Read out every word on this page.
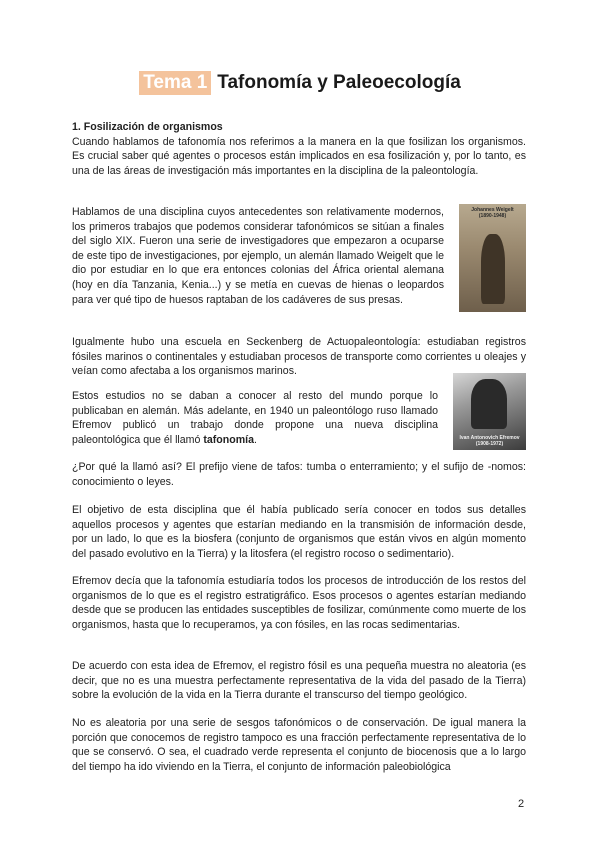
Tema 1 Tafonomía y Paleoecología

1. Fosilización de organismos

Cuando hablamos de tafonomía nos referimos a la manera en la que fosilizan los organismos. Es crucial saber qué agentes o procesos están implicados en esa fosilización y, por lo tanto, es una de las áreas de investigación más importantes en la disciplina de la paleontología.

Hablamos de una disciplina cuyos antecedentes son relativamente modernos, los primeros trabajos que podemos considerar tafonómicos se sitúan a finales del siglo XIX. Fueron una serie de investigadores que empezaron a ocuparse de este tipo de investigaciones, por ejemplo, un alemán llamado Weigelt que le dio por estudiar en lo que era entonces colonias del África oriental alemana (hoy en día Tanzania, Kenia...) y se metía en cuevas de hienas o leopardos para ver qué tipo de huesos raptaban de los cadáveres de sus presas.

Johannes Weigelt
(1890-1948)

Igualmente hubo una escuela en Seckenberg de Actuopaleontología: estudiaban registros fósiles marinos o continentales y estudiaban procesos de transporte como corrientes u oleajes y veían como afectaba a los organismos marinos.

Estos estudios no se daban a conocer al resto del mundo porque lo publicaban en alemán. Más adelante, en 1940 un paleontólogo ruso llamado Efremov publicó un trabajo donde propone una nueva disciplina paleontológica que él llamó tafonomía.	Ivan Antonovich Efremov
(1908-1972)

¿Por qué la llamó así? El prefijo viene de tafos: tumba o enterramiento; y el sufijo de -nomos: conocimiento o leyes.

El objetivo de esta disciplina que él había publicado sería conocer en todos sus detalles aquellos procesos y agentes que estarían mediando en la transmisión de información desde, por un lado, lo que es la biosfera (conjunto de organismos que están vivos en algún momento del pasado evolutivo en la Tierra) y la litosfera (el registro rocoso o sedimentario).

Efremov decía que la tafonomía estudiaría todos los procesos de introducción de los restos del organismos de lo que es el registro estratigráfico. Esos procesos o agentes estarían mediando desde que se producen las entidades susceptibles de fosilizar, comúnmente como muerte de los organismos, hasta que lo recuperamos, ya con fósiles, en las rocas sedimentarias.

De acuerdo con esta idea de Efremov, el registro fósil es una pequeña muestra no aleatoria (es decir, que no es una muestra perfectamente representativa de la vida del pasado de la Tierra) sobre la evolución de la vida en la Tierra durante el transcurso del tiempo geológico.

No es aleatoria por una serie de sesgos tafonómicos o de conservación. De igual manera la porción que conocemos de registro tampoco es una fracción perfectamente representativa de lo que se conservó. O sea, el cuadrado verde representa el conjunto de biocenosis que a lo largo del tiempo ha ido viviendo en la Tierra, el conjunto de información paleobiológica

2
